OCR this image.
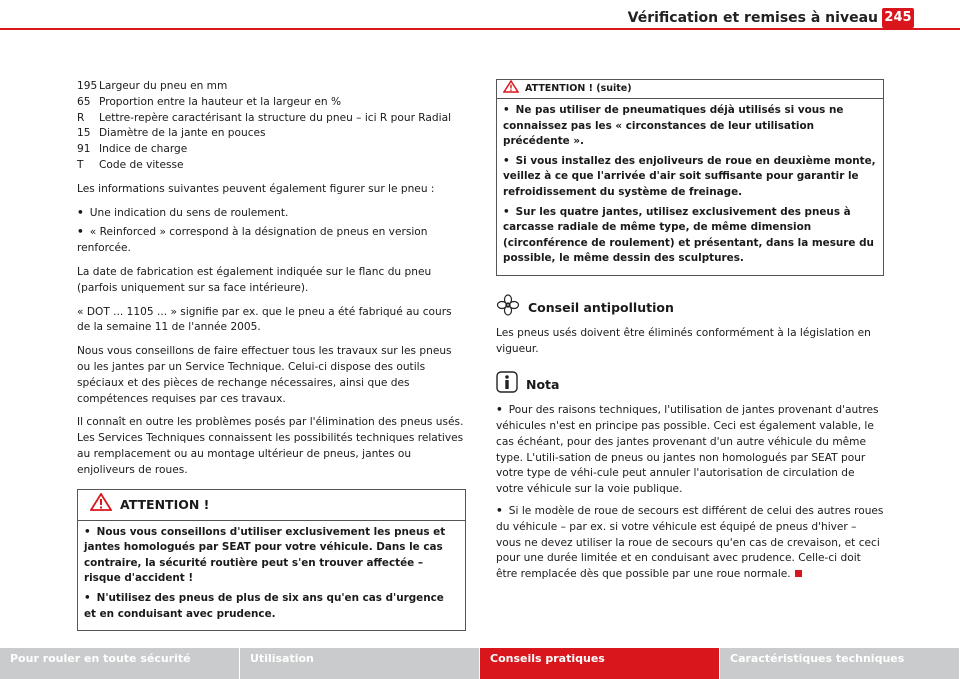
Vérification et remises à niveau 245
195 Largeur du pneu en mm
65 Proportion entre la hauteur et la largeur en %
R	Lettre-repère caractérisant la structure du pneu – ici R pour Radial
15 Diamètre de la jante en pouces
91 Indice de charge
T	Code de vitesse

Les informations suivantes peuvent également figurer sur le pneu :

• Une indication du sens de roulement.
• « Reinforced » correspond à la désignation de pneus en version renforcée.

La date de fabrication est également indiquée sur le flanc du pneu (parfois uniquement sur sa face intérieure).

« DOT ... 1105 ... » signifie par ex. que le pneu a été fabriqué au cours de la semaine 11 de l'année 2005.

Nous vous conseillons de faire effectuer tous les travaux sur les pneus ou les jantes par un Service Technique. Celui-ci dispose des outils spéciaux et des pièces de rechange nécessaires, ainsi que des compétences requises par ces travaux.

Il connaît en outre les problèmes posés par l'élimination des pneus usés. Les Services Techniques connaissent les possibilités techniques relatives au remplacement ou au montage ultérieur de pneus, jantes ou enjoliveurs de roues.

ATTENTION !

• Nous vous conseillons d'utiliser exclusivement les pneus et jantes homologués par SEAT pour votre véhicule. Dans le cas contraire, la sécurité routière peut s'en trouver affectée – risque d'accident !

• N'utilisez des pneus de plus de six ans qu'en cas d'urgence et en conduisant avec prudence.

ATTENTION ! (suite)

• Ne pas utiliser de pneumatiques déjà utilisés si vous ne connaissez pas les « circonstances de leur utilisation précédente ».

• Si vous installez des enjoliveurs de roue en deuxième monte, veillez à ce que l'arrivée d'air soit suffisante pour garantir le refroidissement du système de freinage.

• Sur les quatre jantes, utilisez exclusivement des pneus à carcasse radiale de même type, de même dimension (circonférence de roulement) et présentant, dans la mesure du possible, le même dessin des sculptures.

Conseil antipollution

Les pneus usés doivent être éliminés conformément à la législation en vigueur.

Nota
• Pour des raisons techniques, l'utilisation de jantes provenant d'autres véhicules n'est en principe pas possible. Ceci est également valable, le cas échéant, pour des jantes provenant d'un autre véhicule du même type. L'utili-sation de pneus ou jantes non homologués par SEAT pour votre type de véhi-cule peut annuler l'autorisation de circulation de votre véhicule sur la voie publique.
• Si le modèle de roue de secours est différent de celui des autres roues du véhicule – par ex. si votre véhicule est équipé de pneus d'hiver – vous ne devez utiliser la roue de secours qu'en cas de crevaison, et ceci pour une durée limitée et en conduisant avec prudence. Celle-ci doit être remplacée dès que possible par une roue normale.
Pour rouler en toute sécurité	Utilisation	Conseils pratiques	Caractéristiques techniques
